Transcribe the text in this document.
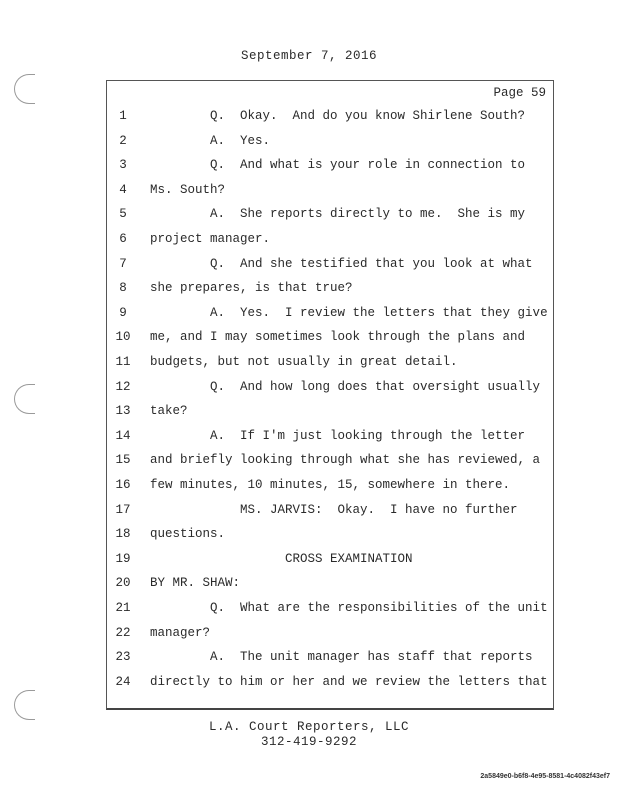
September 7, 2016
Page 59
1	Q.  Okay.  And do you know Shirlene South?
2	A.  Yes.
3	Q.  And what is your role in connection to
4	Ms. South?
5	A.  She reports directly to me.  She is my
6	project manager.
7	Q.  And she testified that you look at what
8	she prepares, is that true?
9	A.  Yes.  I review the letters that they give
10 me, and I may sometimes look through the plans and
11 budgets, but not usually in great detail.
12 Q.  And how long does that oversight usually
13 take?
14 A.  If I'm just looking through the letter
15 and briefly looking through what she has reviewed, a
16 few minutes, 10 minutes, 15, somewhere in there.
17 MS. JARVIS:  Okay.  I have no further
18 questions.
19 CROSS EXAMINATION
20 BY MR. SHAW:
21 Q.  What are the responsibilities of the unit
22 manager?
23 A.  The unit manager has staff that reports
24 directly to him or her and we review the letters that
L.A. Court Reporters, LLC
312-419-9292
2a5849e0-b6f8-4e95-8581-4c4082f43ef7
